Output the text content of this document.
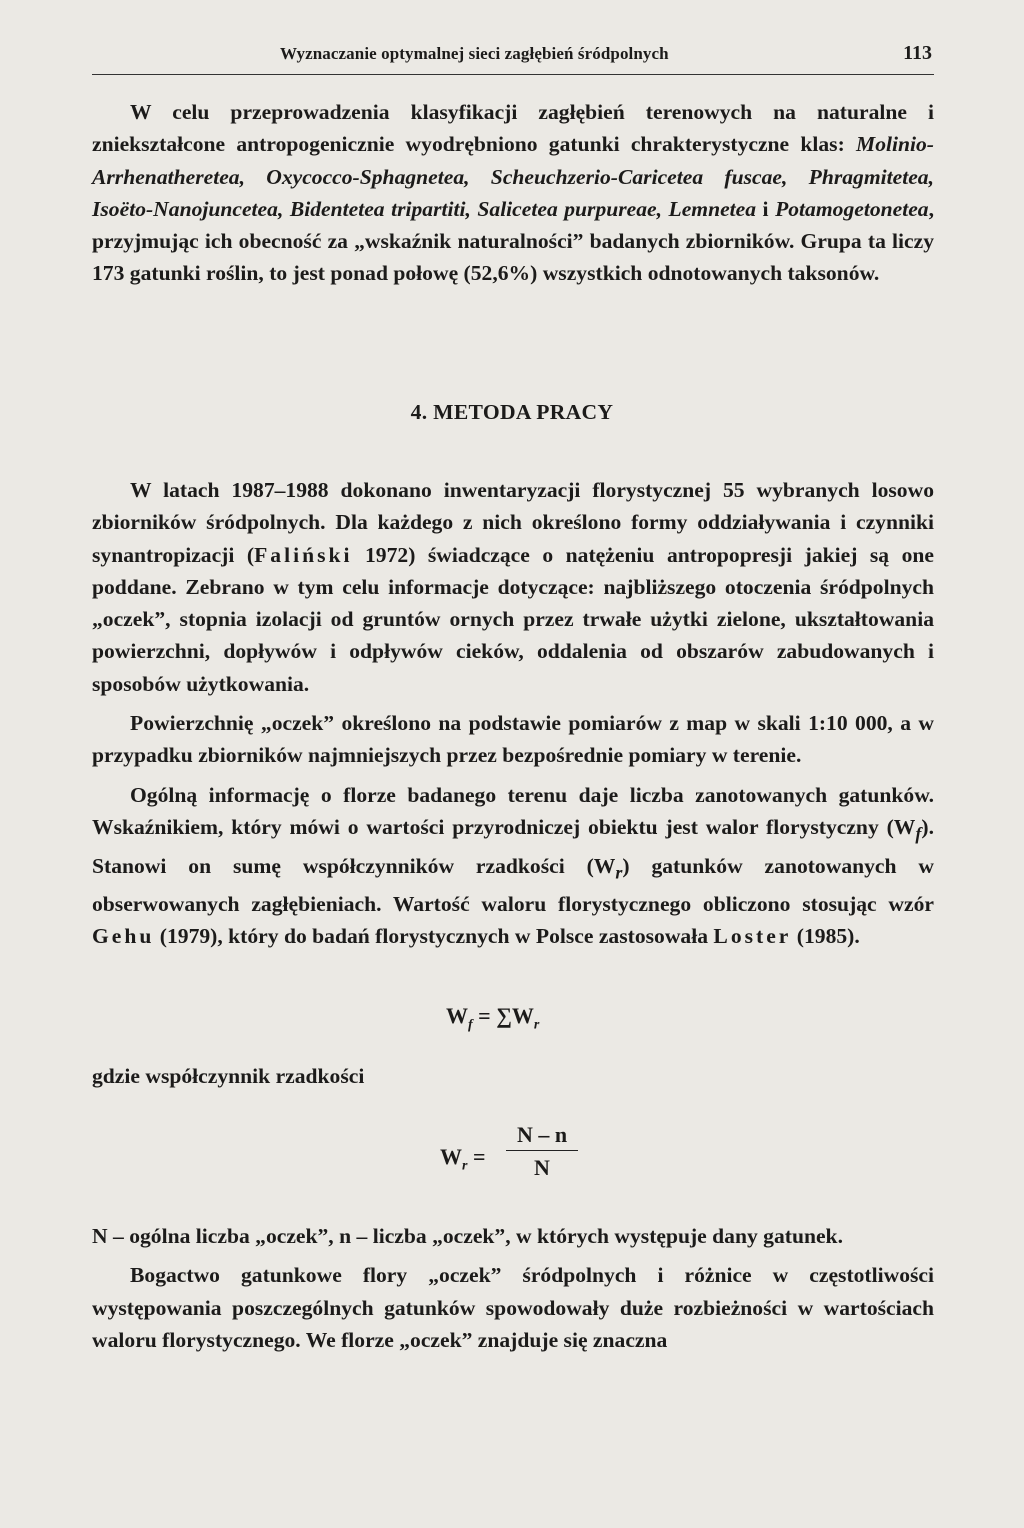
Wyznaczanie optymalnej sieci zagłębień śródpolnych	113

W celu przeprowadzenia klasyfikacji zagłębień terenowych na naturalne i zniekształcone antropogenicznie wyodrębniono gatunki chrakterystyczne klas: Molinio-Arrhenatheretea, Oxycocco-Sphagnetea, Scheuchzerio-Caricetea fuscae, Phragmitetea, Isoëto-Nanojuncetea, Bidentetea tripartiti, Salicetea purpureae, Lemnetea i Potamogetonetea, przyjmując ich obecność za „wskaźnik naturalności” badanych zbiorników. Grupa ta liczy 173 gatunki roślin, to jest ponad połowę (52,6%) wszystkich odnotowanych taksonów.

4. METODA PRACY

W latach 1987–1988 dokonano inwentaryzacji florystycznej 55 wybranych losowo zbiorników śródpolnych. Dla każdego z nich określono formy oddziaływania i czynniki synantropizacji (Faliński 1972) świadczące o natężeniu antropopresji jakiej są one poddane. Zebrano w tym celu informacje dotyczące: najbliższego otoczenia śródpolnych „oczek”, stopnia izolacji od gruntów ornych przez trwałe użytki zielone, ukształtowania powierzchni, dopływów i odpływów cieków, oddalenia od obszarów zabudowanych i sposobów użytkowania.

Powierzchnię „oczek” określono na podstawie pomiarów z map w skali 1:10 000, a w przypadku zbiorników najmniejszych przez bezpośrednie pomiary w terenie.

Ogólną informację o florze badanego terenu daje liczba zanotowanych gatunków. Wskaźnikiem, który mówi o wartości przyrodniczej obiektu jest walor florystyczny $(W_f)$. Stanowi on sumę współczynników rzadkości $(W_r)$ gatunków zanotowanych w obserwowanych zagłębieniach. Wartość waloru florystycznego obliczono stosując wzór Gehu (1979), który do badań florystycznych w Polsce zastosowała Loster (1985).

$W_f = \sum W_r$
gdzie współczynnik rzadkości
$W_r = \frac{N - n}{N}$

N – ogólna liczba „oczek”, n – liczba „oczek”, w których występuje dany gatunek.

Bogactwo gatunkowe flory „oczek” śródpolnych i różnice w częstotliwości występowania poszczególnych gatunków spowodowały duże rozbieżności w wartościach waloru florystycznego. We florze „oczek” znajduje się znaczna
